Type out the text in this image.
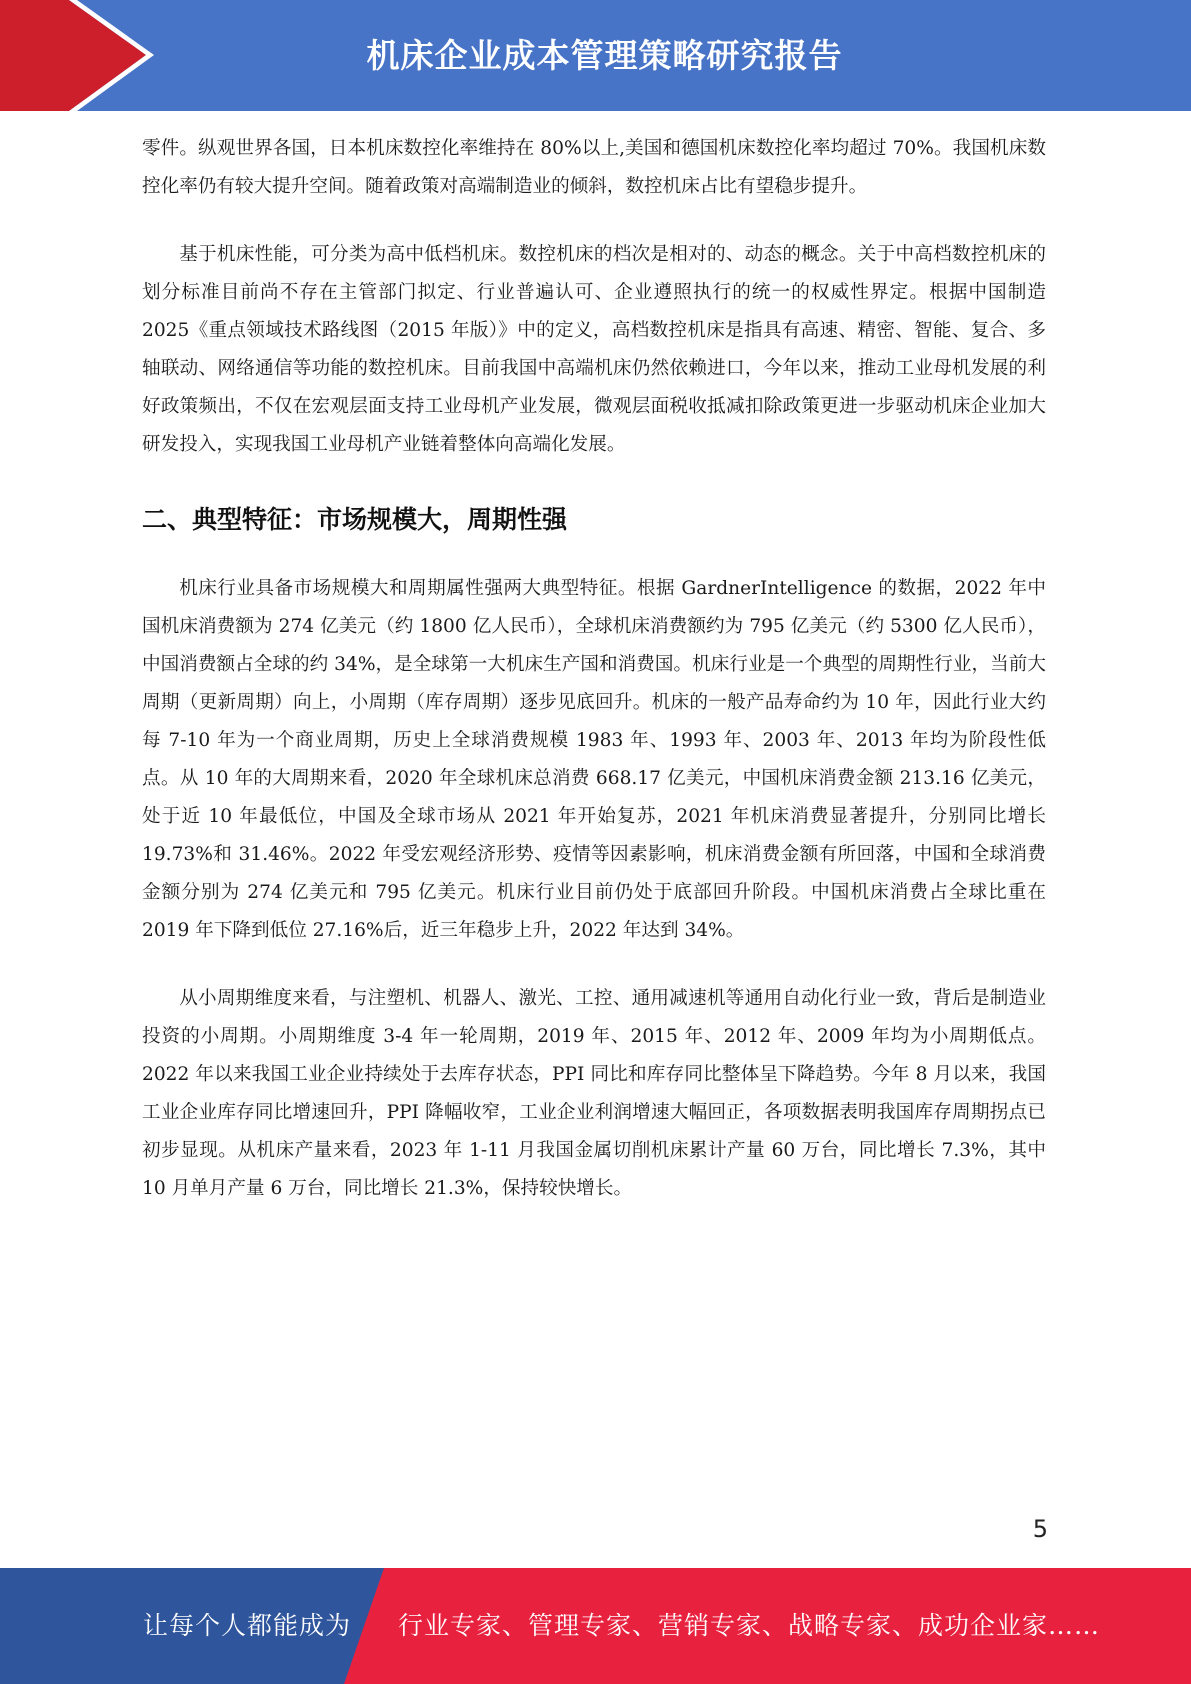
机床企业成本管理策略研究报告

零件。纵观世界各国，日本机床数控化率维持在 80%以上,美国和德国机床数控化率均超过 70%。我国机床数控化率仍有较大提升空间。随着政策对高端制造业的倾斜，数控机床占比有望稳步提升。

基于机床性能，可分类为高中低档机床。数控机床的档次是相对的、动态的概念。关于中高档数控机床的划分标准目前尚不存在主管部门拟定、行业普遍认可、企业遵照执行的统一的权威性界定。根据中国制造 2025《重点领域技术路线图（2015 年版）》中的定义，高档数控机床是指具有高速、精密、智能、复合、多轴联动、网络通信等功能的数控机床。目前我国中高端机床仍然依赖进口，今年以来，推动工业母机发展的利好政策频出，不仅在宏观层面支持工业母机产业发展，微观层面税收抵减扣除政策更进一步驱动机床企业加大研发投入，实现我国工业母机产业链着整体向高端化发展。

二、典型特征：市场规模大，周期性强

机床行业具备市场规模大和周期属性强两大典型特征。根据 GardnerIntelligence 的数据，2022 年中国机床消费额为 274 亿美元（约 1800 亿人民币），全球机床消费额约为 795 亿美元（约 5300 亿人民币），中国消费额占全球的约 34%，是全球第一大机床生产国和消费国。机床行业是一个典型的周期性行业，当前大周期（更新周期）向上，小周期（库存周期）逐步见底回升。机床的一般产品寿命约为 10 年，因此行业大约每 7-10 年为一个商业周期，历史上全球消费规模 1983 年、1993 年、2003 年、2013 年均为阶段性低点。从 10 年的大周期来看，2020 年全球机床总消费 668.17 亿美元，中国机床消费金额 213.16 亿美元，处于近 10 年最低位，中国及全球市场从 2021 年开始复苏，2021 年机床消费显著提升，分别同比增长 19.73%和 31.46%。2022 年受宏观经济形势、疫情等因素影响，机床消费金额有所回落，中国和全球消费金额分别为 274 亿美元和 795 亿美元。机床行业目前仍处于底部回升阶段。中国机床消费占全球比重在 2019 年下降到低位 27.16%后，近三年稳步上升，2022 年达到 34%。

从小周期维度来看，与注塑机、机器人、激光、工控、通用减速机等通用自动化行业一致，背后是制造业投资的小周期。小周期维度 3-4 年一轮周期，2019 年、2015 年、2012 年、2009 年均为小周期低点。2022 年以来我国工业企业持续处于去库存状态，PPI 同比和库存同比整体呈下降趋势。今年 8 月以来，我国工业企业库存同比增速回升，PPI 降幅收窄，工业企业利润增速大幅回正，各项数据表明我国库存周期拐点已初步显现。从机床产量来看，2023 年 1-11 月我国金属切削机床累计产量 60 万台，同比增长 7.3%，其中 10 月单月产量 6 万台，同比增长 21.3%，保持较快增长。

5
让每个人都能成为 行业专家、管理专家、营销专家、战略专家、成功企业家……
